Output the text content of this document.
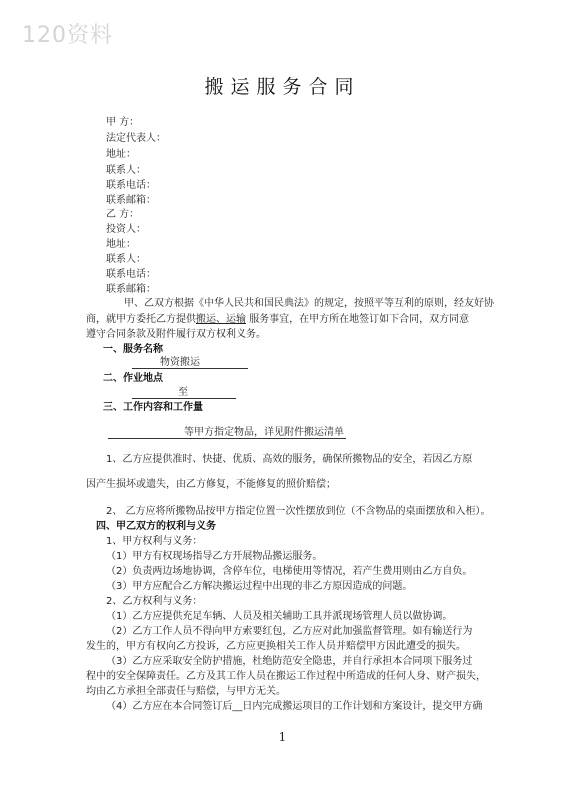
120资料
搬运服务合同
甲 方：
法定代表人：
地址：
联系人：
联系电话：
联系邮箱：
乙 方：
投资人：
地址：
联系人：
联系电话：
联系邮箱：
甲、乙双方根据《中华人民共和国民典法》的规定，按照平等互利的原则，经友好协
商，就甲方委托乙方提供搬运、运输 服务事宜，在甲方所在地签订如下合同，双方同意
遵守合同条款及附件履行双方权利义务。
一、服务名称
物资搬运
二、作业地点
至
三、工作内容和工作量
等甲方指定物品，详见附件搬运清单
1、乙方应提供准时、快捷、优质、高效的服务，确保所搬物品的安全，若因乙方原
因产生损坏或遗失，由乙方修复，不能修复的照价赔偿；
2、 乙方应将所搬物品按甲方指定位置一次性摆放到位（不含物品的桌面摆放和入柜）。
四、甲乙双方的权利与义务
1、甲方权利与义务：
（1）甲方有权现场指导乙方开展物品搬运服务。
（2）负责两边场地协调，含停车位，电梯使用等情况，若产生费用则由乙方自负。
（3）甲方应配合乙方解决搬运过程中出现的非乙方原因造成的问题。
2、乙方权利与义务：
（1）乙方应提供充足车辆、人员及相关辅助工具并派现场管理人员以做协调。
（2）乙方工作人员不得向甲方索要红包，乙方应对此加强监督管理。如有输送行为
发生的，甲方有权向乙方投诉，乙方应更换相关工作人员并赔偿甲方因此遭受的损失。
（3）乙方应采取安全防护措施，杜绝防范安全隐患，并自行承担本合同项下服务过
程中的安全保障责任。乙方及其工作人员在搬运工作过程中所造成的任何人身、财产损失，
均由乙方承担全部责任与赔偿，与甲方无关。
（4）乙方应在本合同签订后__日内完成搬运项目的工作计划和方案设计，提交甲方确
1
